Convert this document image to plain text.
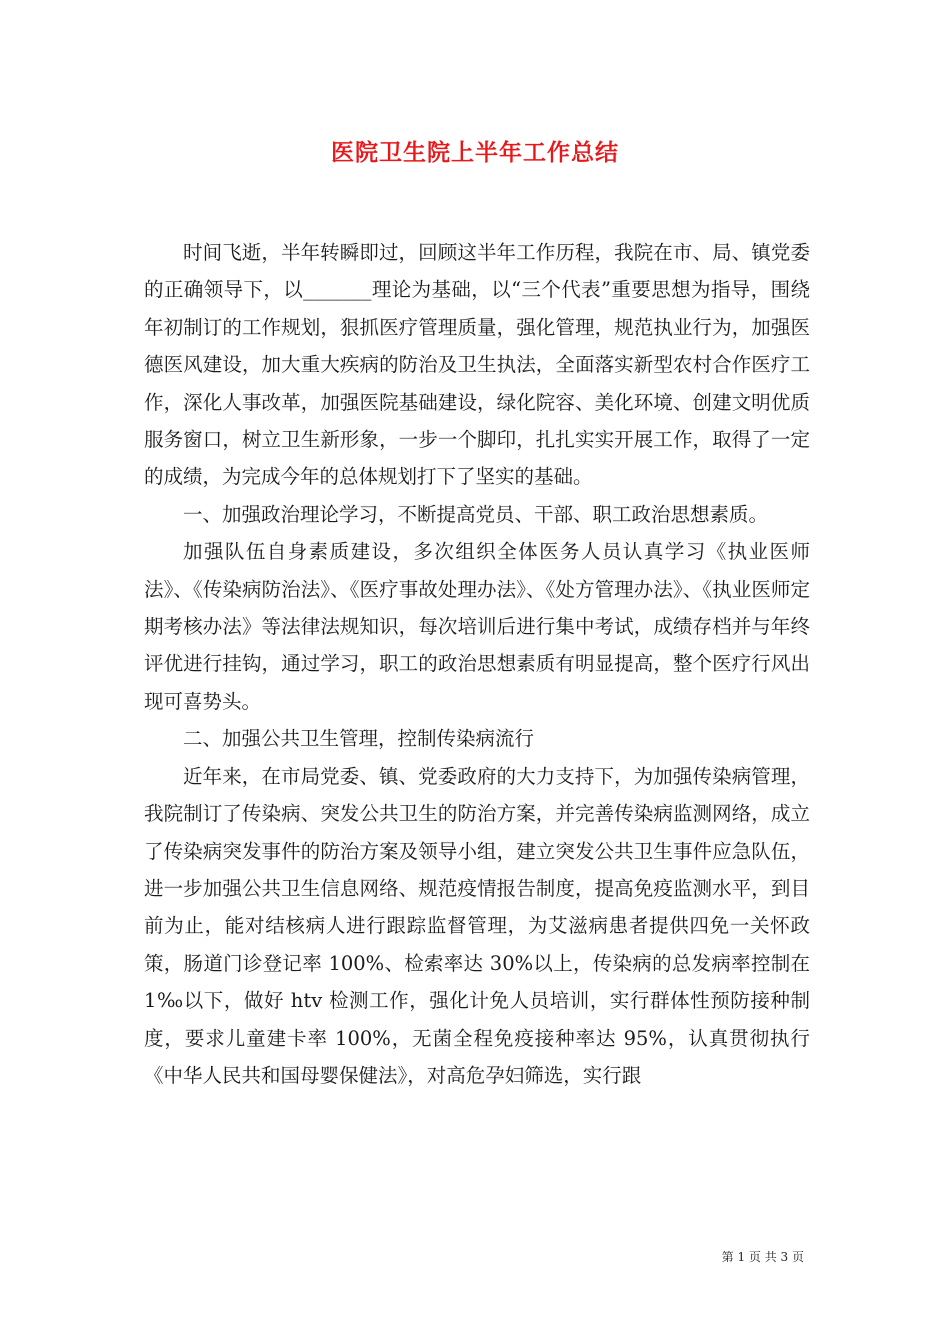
医院卫生院上半年工作总结

时间飞逝，半年转瞬即过，回顾这半年工作历程，我院在市、局、镇党委的正确领导下，以_______理论为基础，以“三个代表”重要思想为指导，围绕年初制订的工作规划，狠抓医疗管理质量，强化管理，规范执业行为，加强医德医风建设，加大重大疾病的防治及卫生执法，全面落实新型农村合作医疗工作，深化人事改革，加强医院基础建设，绿化院容、美化环境、创建文明优质服务窗口，树立卫生新形象，一步一个脚印，扎扎实实开展工作，取得了一定的成绩，为完成今年的总体规划打下了坚实的基础。

一、加强政治理论学习，不断提高党员、干部、职工政治思想素质。

加强队伍自身素质建设，多次组织全体医务人员认真学习《执业医师法》、《传染病防治法》、《医疗事故处理办法》、《处方管理办法》、《执业医师定期考核办法》等法律法规知识，每次培训后进行集中考试，成绩存档并与年终评优进行挂钩，通过学习，职工的政治思想素质有明显提高，整个医疗行风出现可喜势头。

二、加强公共卫生管理，控制传染病流行

近年来，在市局党委、镇、党委政府的大力支持下，为加强传染病管理，我院制订了传染病、突发公共卫生的防治方案，并完善传染病监测网络，成立了传染病突发事件的防治方案及领导小组，建立突发公共卫生事件应急队伍，进一步加强公共卫生信息网络、规范疫情报告制度，提高免疫监测水平，到目前为止，能对结核病人进行跟踪监督管理，为艾滋病患者提供四免一关怀政策，肠道门诊登记率 100%、检索率达 30%以上，传染病的总发病率控制在 1‰以下，做好 htv 检测工作，强化计免人员培训，实行群体性预防接种制度，要求儿童建卡率 100%，无菌全程免疫接种率达 95%，认真贯彻执行《中华人民共和国母婴保健法》，对高危孕妇筛选，实行跟

第 1 页 共 3 页
